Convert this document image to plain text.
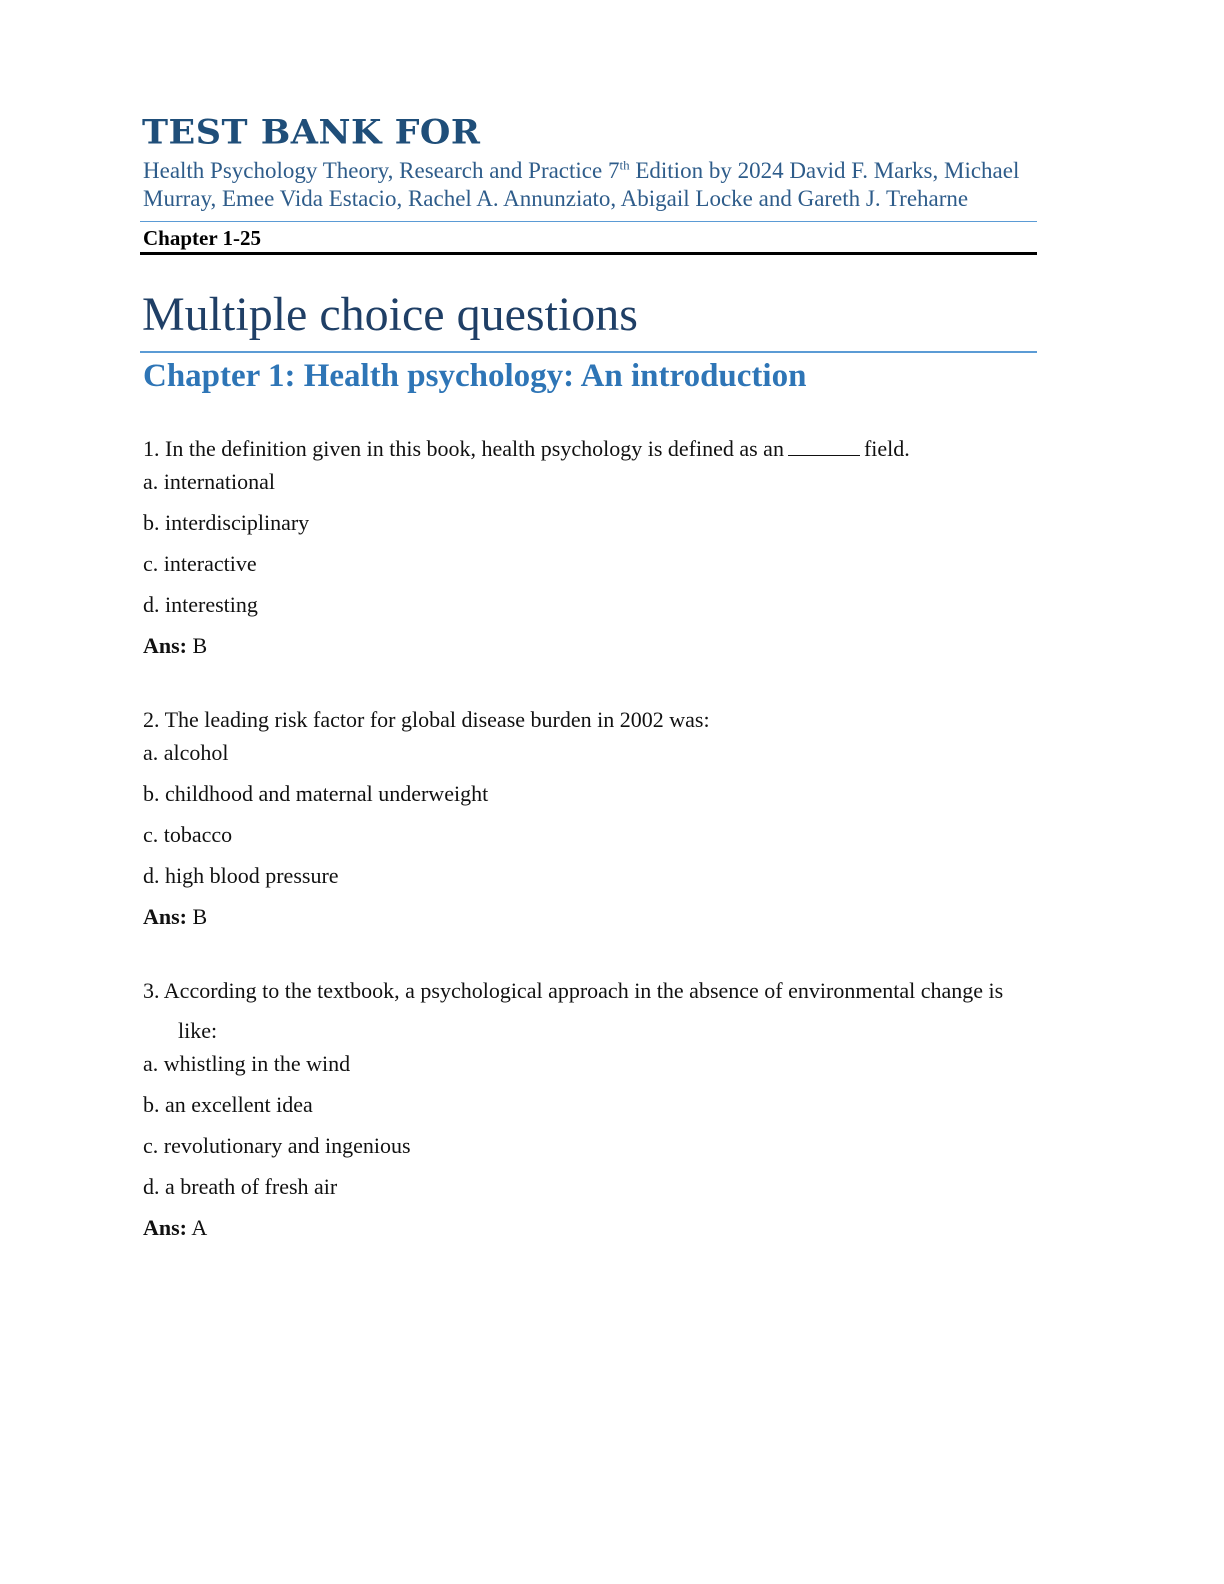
TEST BANK FOR
Health Psychology Theory, Research and Practice 7th Edition by 2024 David F. Marks, Michael Murray, Emee Vida Estacio, Rachel A. Annunziato, Abigail Locke and Gareth J. Treharne
Chapter 1-25
Multiple choice questions
Chapter 1: Health psychology: An introduction
1. In the definition given in this book, health psychology is defined as an	field.
a. international
b. interdisciplinary
c. interactive
d. interesting
Ans: B
2. The leading risk factor for global disease burden in 2002 was:
a. alcohol
b. childhood and maternal underweight
c. tobacco
d. high blood pressure
Ans: B
3. According to the textbook, a psychological approach in the absence of environmental change is like:
a. whistling in the wind
b. an excellent idea
c. revolutionary and ingenious
d. a breath of fresh air
Ans: A
